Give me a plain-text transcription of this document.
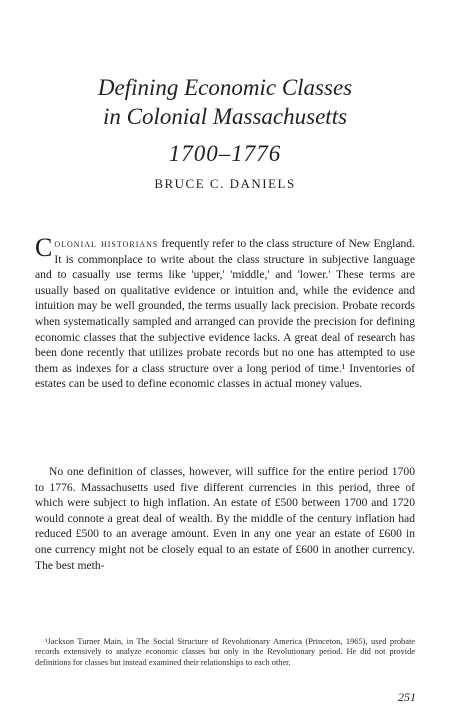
Defining Economic Classes
in Colonial Massachusetts
1700–1776
BRUCE C. DANIELS
Colonial historians frequently refer to the class structure of New England. It is commonplace to write about the class structure in subjective language and to casually use terms like 'upper,' 'middle,' and 'lower.' These terms are usually based on qualitative evidence or intuition and, while the evidence and intuition may be well grounded, the terms usually lack precision. Probate records when systematically sampled and arranged can provide the precision for defining economic classes that the subjective evidence lacks. A great deal of research has been done recently that utilizes probate records but no one has attempted to use them as indexes for a class structure over a long period of time.¹ Inventories of estates can be used to define economic classes in actual money values.
No one definition of classes, however, will suffice for the entire period 1700 to 1776. Massachusetts used five different currencies in this period, three of which were subject to high inflation. An estate of £500 between 1700 and 1720 would connote a great deal of wealth. By the middle of the century inflation had reduced £500 to an average amount. Even in any one year an estate of £600 in one currency might not be closely equal to an estate of £600 in another currency. The best meth-
¹Jackson Turner Main, in The Social Structure of Revolutionary America (Princeton, 1965), used probate records extensively to analyze economic classes but only in the Revolutionary period. He did not provide definitions for classes but instead examined their relationships to each other.
251
